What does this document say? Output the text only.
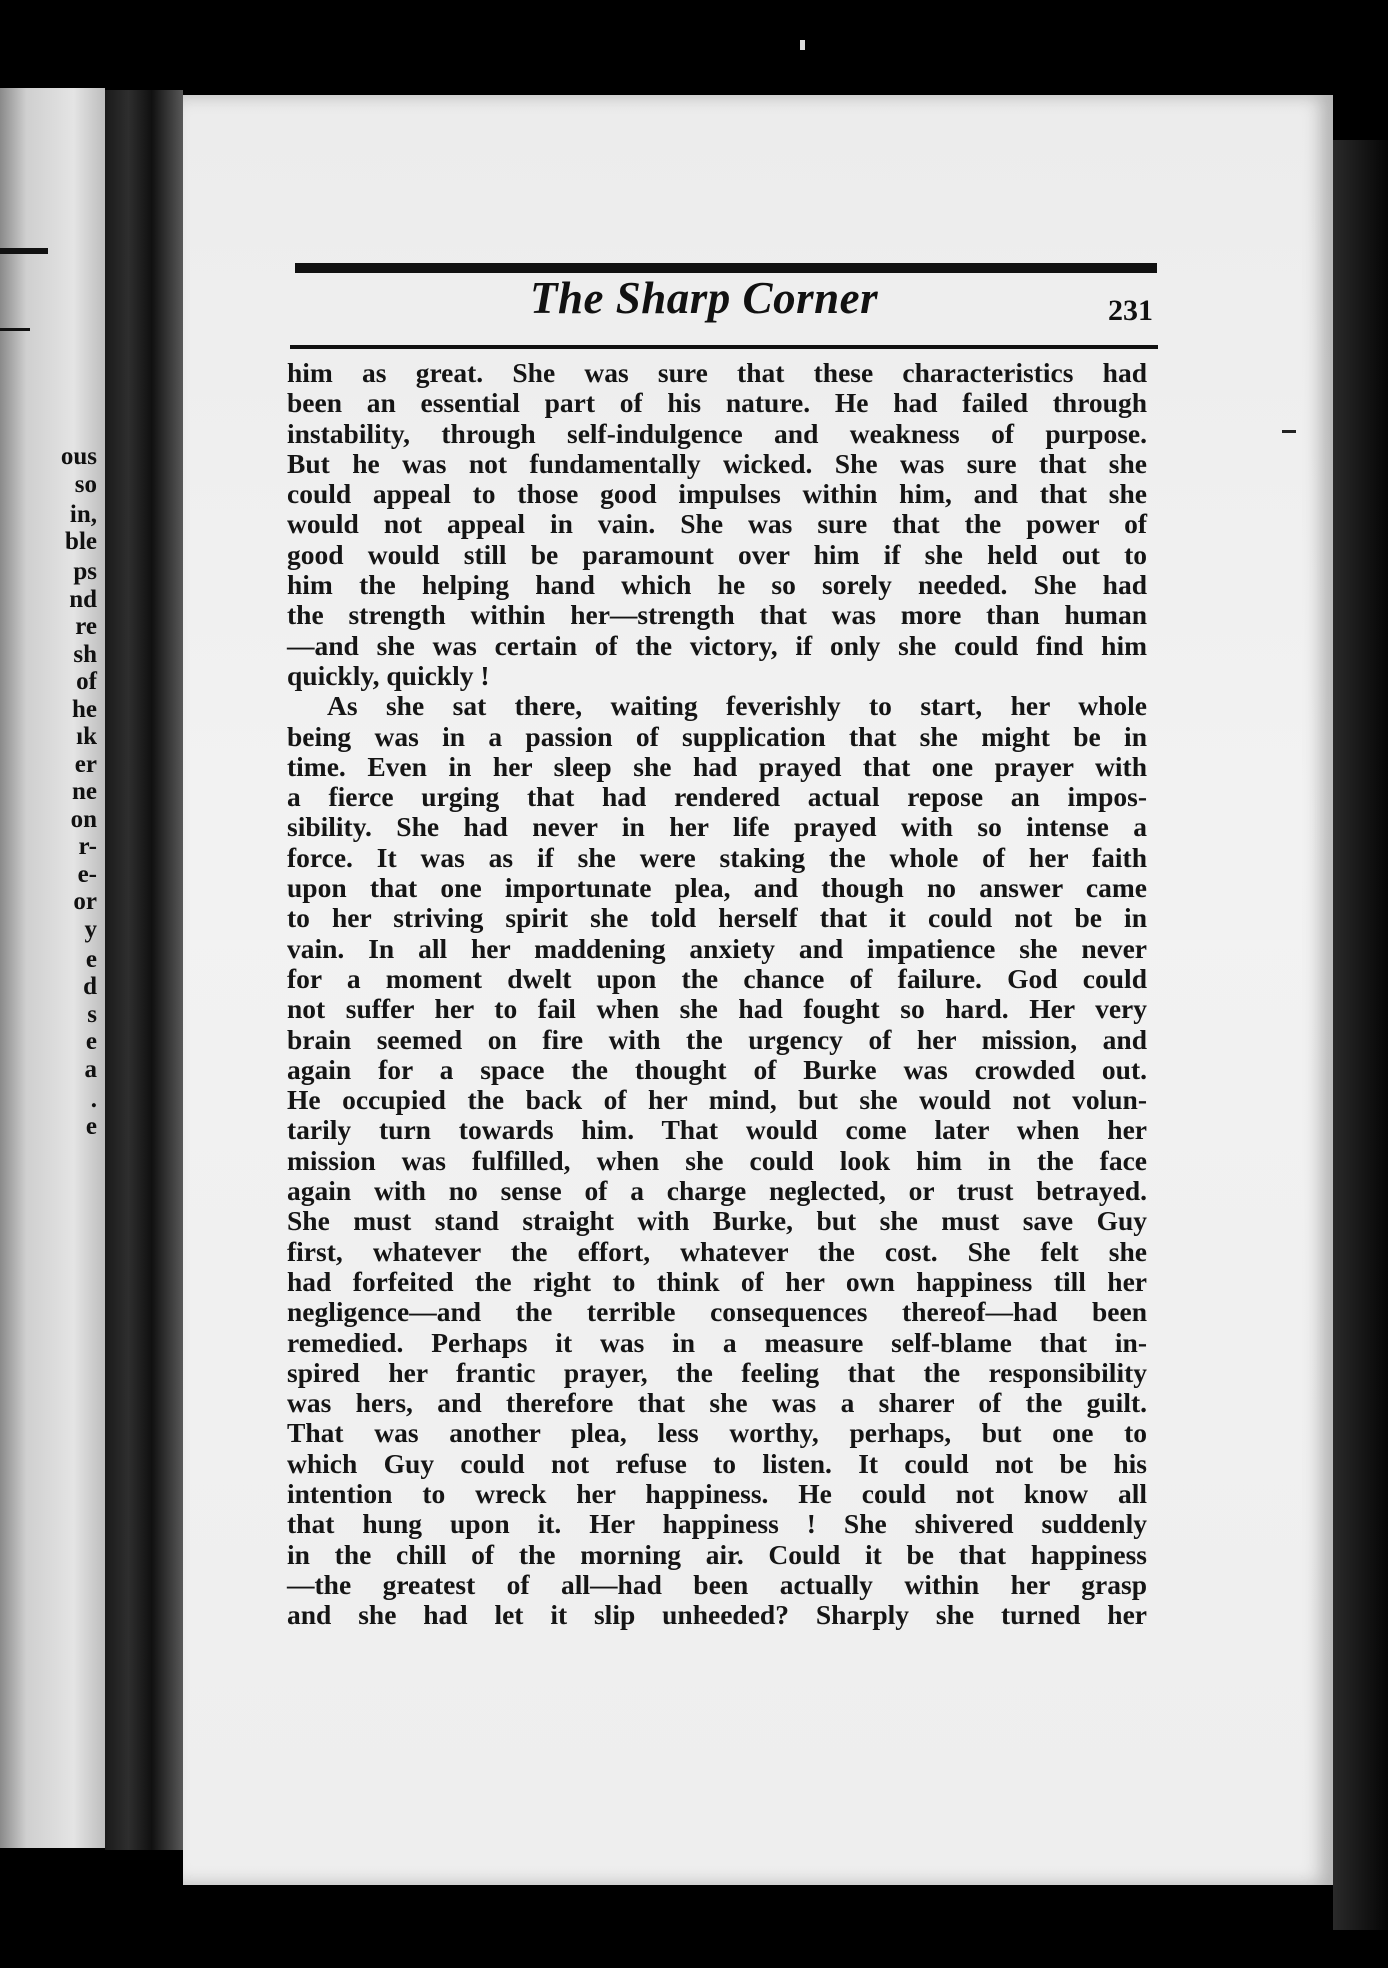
ous
so
in,
ble
ps
nd
re
sh
of
he
ık
er
ne
on
r-
e-
or
y
e
d
s
e
a
.
e

The Sharp Corner	231

him as great. She was sure that these characteristics had
been an essential part of his nature. He had failed through
instability, through self-indulgence and weakness of purpose.
But he was not fundamentally wicked. She was sure that she
could appeal to those good impulses within him, and that she
would not appeal in vain. She was sure that the power of
good would still be paramount over him if she held out to
him the helping hand which he so sorely needed. She had
the strength within her—strength that was more than human
—and she was certain of the victory, if only she could find him
quickly, quickly !
As she sat there, waiting feverishly to start, her whole
being was in a passion of supplication that she might be in
time. Even in her sleep she had prayed that one prayer with
a fierce urging that had rendered actual repose an impos-
sibility. She had never in her life prayed with so intense a
force. It was as if she were staking the whole of her faith
upon that one importunate plea, and though no answer came
to her striving spirit she told herself that it could not be in
vain. In all her maddening anxiety and impatience she never
for a moment dwelt upon the chance of failure. God could
not suffer her to fail when she had fought so hard. Her very
brain seemed on fire with the urgency of her mission, and
again for a space the thought of Burke was crowded out.
He occupied the back of her mind, but she would not volun-
tarily turn towards him. That would come later when her
mission was fulfilled, when she could look him in the face
again with no sense of a charge neglected, or trust betrayed.
She must stand straight with Burke, but she must save Guy
first, whatever the effort, whatever the cost. She felt she
had forfeited the right to think of her own happiness till her
negligence—and the terrible consequences thereof—had been
remedied. Perhaps it was in a measure self-blame that in-
spired her frantic prayer, the feeling that the responsibility
was hers, and therefore that she was a sharer of the guilt.
That was another plea, less worthy, perhaps, but one to
which Guy could not refuse to listen. It could not be his
intention to wreck her happiness. He could not know all
that hung upon it. Her happiness ! She shivered suddenly
in the chill of the morning air. Could it be that happiness
—the greatest of all—had been actually within her grasp
and she had let it slip unheeded? Sharply she turned her
